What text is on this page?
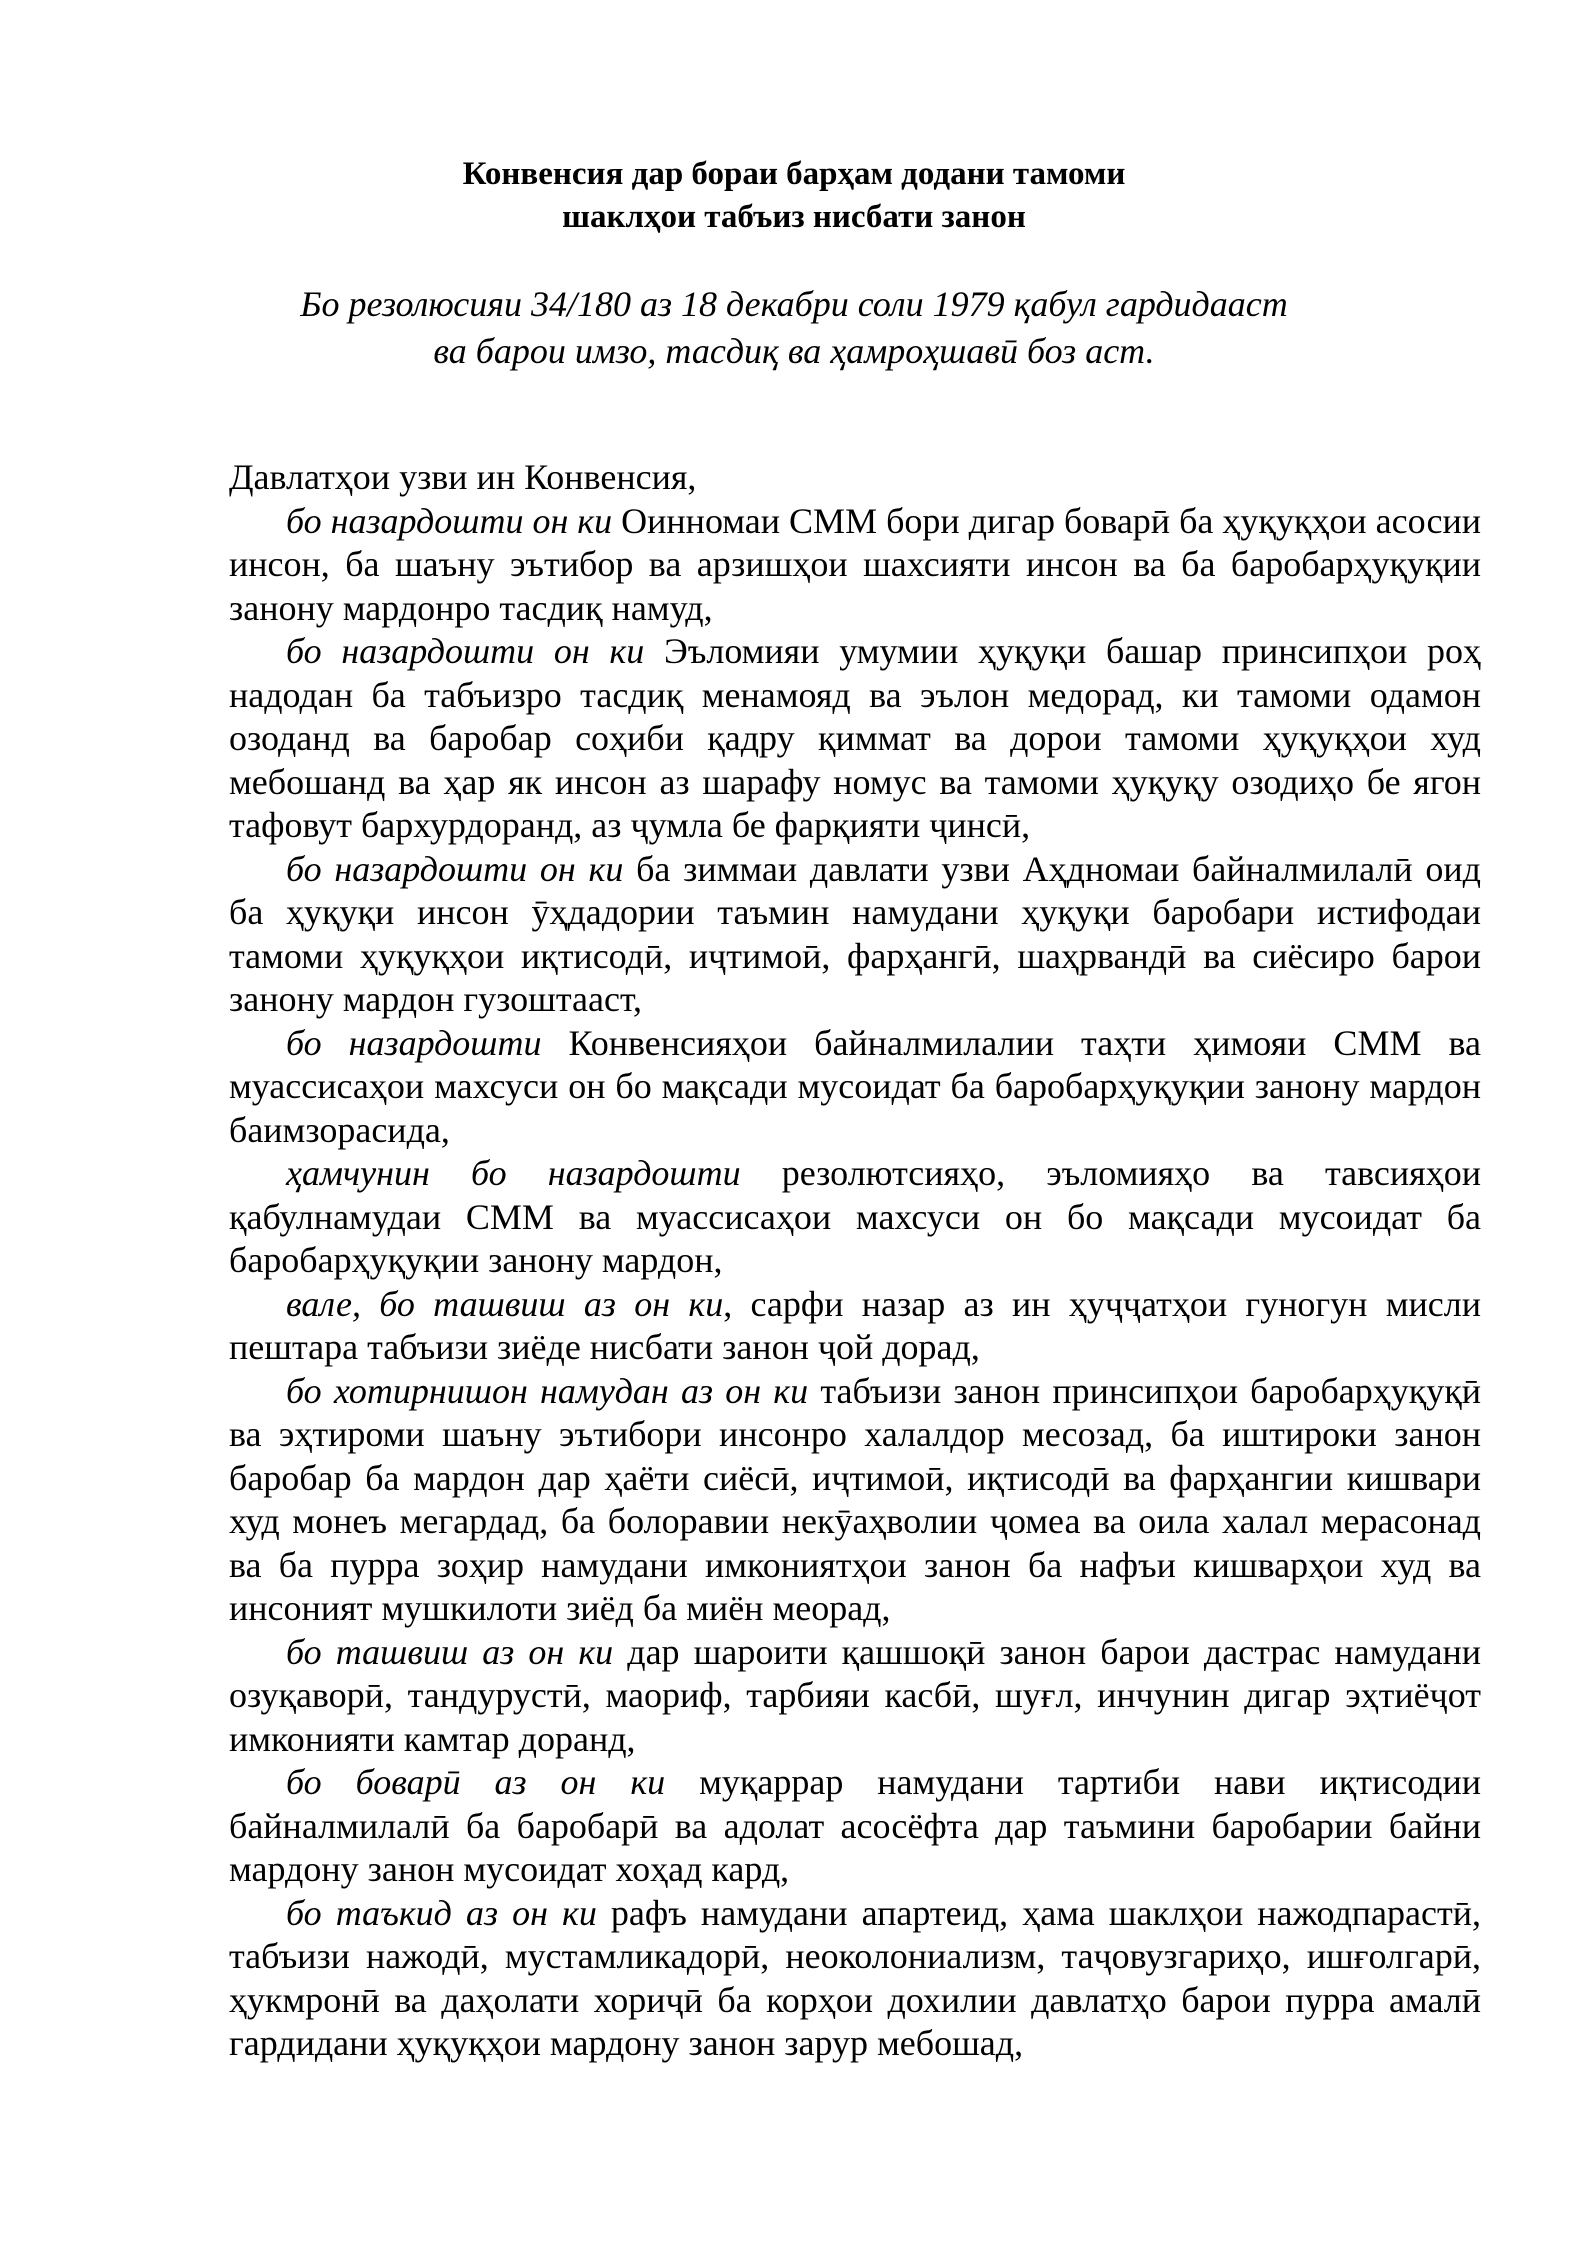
Конвенсия дар бораи барҳам додани тамоми
шаклҳои табъиз нисбати занон
Бо резолюсияи 34/180 аз 18 декабри соли 1979 қабул гардидааст
ва барои имзо, тасдиқ ва ҳамроҳшавӣ боз аст.

Давлатҳои узви ин Конвенсия,

бо назардошти он ки Оинномаи СММ бори дигар боварӣ ба ҳуқуқҳои асосии инсон, ба шаъну эътибор ва арзишҳои шахсияти инсон ва ба баробарҳуқуқии занону мардонро тасдиқ намуд,

бо назардошти он ки Эъломияи умумии ҳуқуқи башар принсипҳои роҳ надодан ба табъизро тасдиқ менамояд ва эълон медорад, ки тамоми одамон озоданд ва баробар соҳиби қадру қиммат ва дорои тамоми ҳуқуқҳои худ мебошанд ва ҳар як инсон аз шарафу номус ва тамоми ҳуқуқу озодиҳо бе ягон тафовут бархурдоранд, аз ҷумла бе фарқияти ҷинсӣ,

бо назардошти он ки ба зиммаи давлати узви Аҳдномаи байналмилалӣ оид ба ҳуқуқи инсон ӯҳдадории таъмин намудани ҳуқуқи баробари истифодаи тамоми ҳуқуқҳои иқтисодӣ, иҷтимоӣ, фарҳангӣ, шаҳрвандӣ ва сиёсиро барои занону мардон гузоштааст,

бо назардошти Конвенсияҳои байналмилалии таҳти ҳимояи СММ ва муассисаҳои махсуси он бо мақсади мусоидат ба баробарҳуқуқии занону мардон баимзорасида,

ҳамчунин бо назардошти резолютсияҳо, эъломияҳо ва тавсияҳои қабулнамудаи СММ ва муассисаҳои махсуси он бо мақсади мусоидат ба баробарҳуқуқии занону мардон,

вале, бо ташвиш аз он ки, сарфи назар аз ин ҳуҷҷатҳои гуногун мисли пештара табъизи зиёде нисбати занон ҷой дорад,

бо хотирнишон намудан аз он ки табъизи занон принсипҳои баробарҳуқуқӣ ва эҳтироми шаъну эътибори инсонро халалдор месозад, ба иштироки занон баробар ба мардон дар ҳаёти сиёсӣ, иҷтимоӣ, иқтисодӣ ва фарҳангии кишвари худ монеъ мегардад, ба болоравии некӯаҳволии ҷомеа ва оила халал мерасонад ва ба пурра зоҳир намудани имкониятҳои занон ба нафъи кишварҳои худ ва инсоният мушкилоти зиёд ба миён меорад,

бо ташвиш аз он ки дар шароити қашшоқӣ занон барои дастрас намудани озуқаворӣ, тандурустӣ, маориф, тарбияи касбӣ, шуғл, инчунин дигар эҳтиёҷот имконияти камтар доранд,

бо боварӣ аз он ки муқаррар намудани тартиби нави иқтисодии байналмилалӣ ба баробарӣ ва адолат асосёфта дар таъмини баробарии байни мардону занон мусоидат хоҳад кард,

бо таъкид аз он ки рафъ намудани апартеид, ҳама шаклҳои нажодпарастӣ, табъизи нажодӣ, мустамликадорӣ, неоколониализм, таҷовузгариҳо, ишғолгарӣ, ҳукмронӣ ва даҳолати хориҷӣ ба корҳои дохилии давлатҳо барои пурра амалӣ гардидани ҳуқуқҳои мардону занон зарур мебошад,
